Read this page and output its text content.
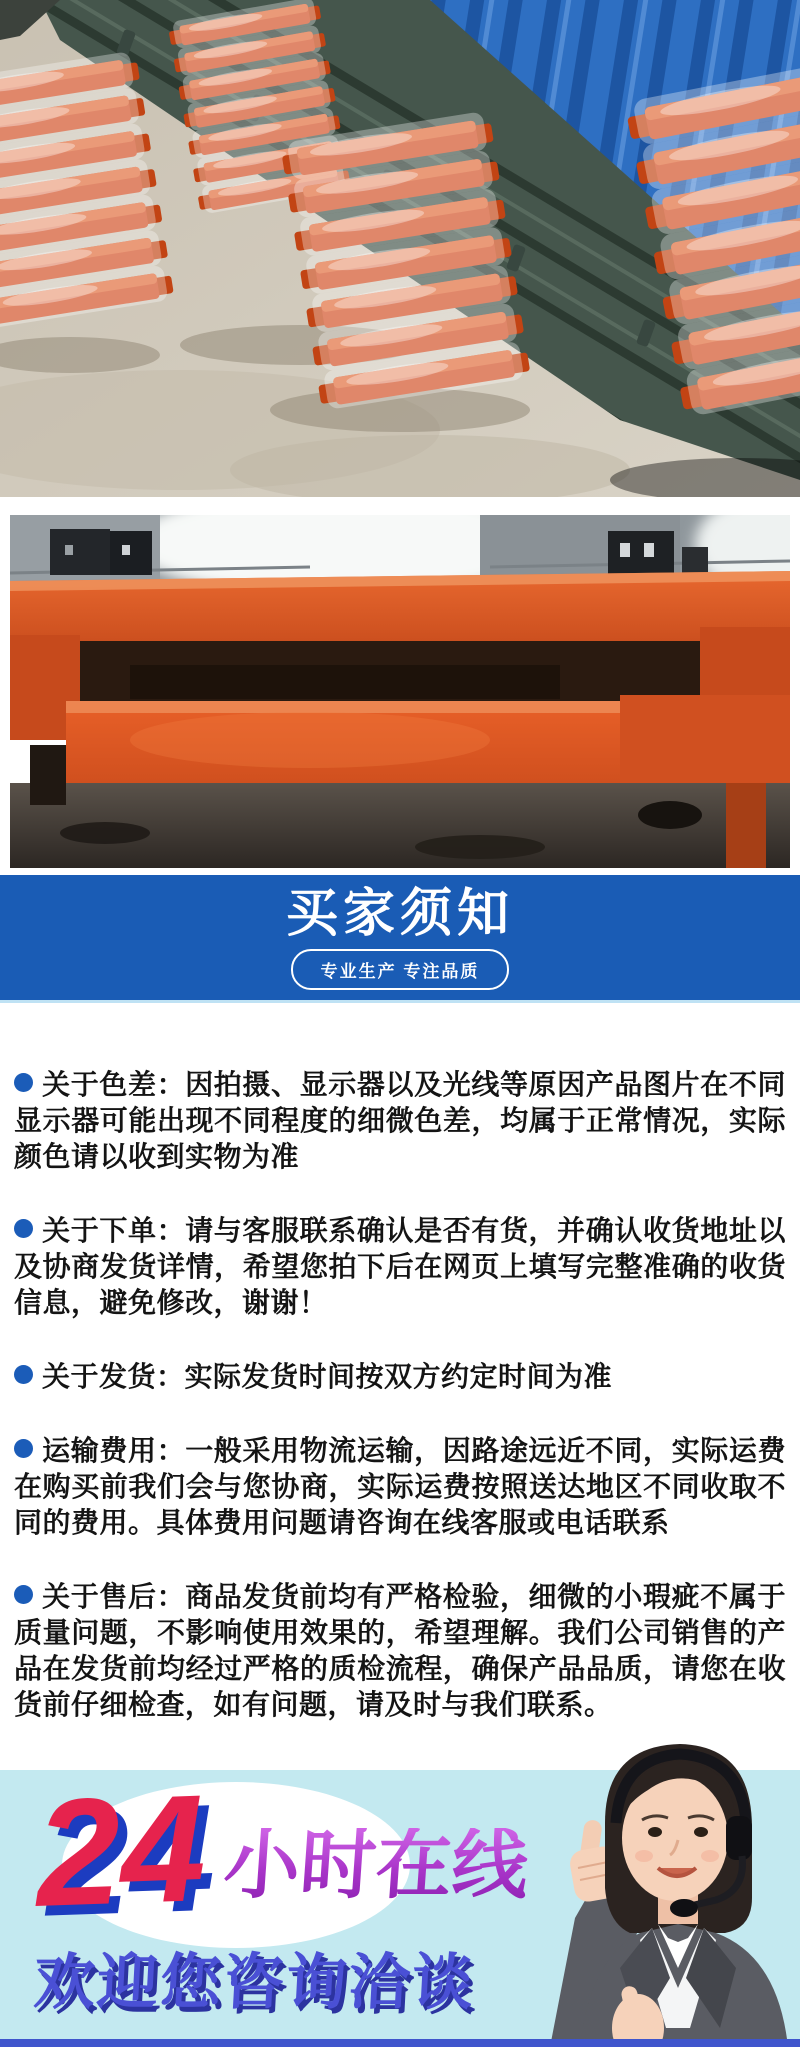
买家须知
专业生产 专注品质

关于色差：因拍摄、显示器以及光线等原因产品图片在不同显示器可能出现不同程度的细微色差，均属于正常情况，实际颜色请以收到实物为准

关于下单：请与客服联系确认是否有货，并确认收货地址以及协商发货详情，希望您拍下后在网页上填写完整准确的收货信息，避免修改，谢谢！

关于发货：实际发货时间按双方约定时间为准

运输费用：一般采用物流运输，因路途远近不同，实际运费在购买前我们会与您协商，实际运费按照送达地区不同收取不同的费用。具体费用问题请咨询在线客服或电话联系

关于售后：商品发货前均有严格检验，细微的小瑕疵不属于质量问题，不影响使用效果的，希望理解。我们公司销售的产品在发货前均经过严格的质检流程，确保产品品质，请您在收货前仔细检查，如有问题，请及时与我们联系。

24 小时在线
欢迎您咨询洽谈
